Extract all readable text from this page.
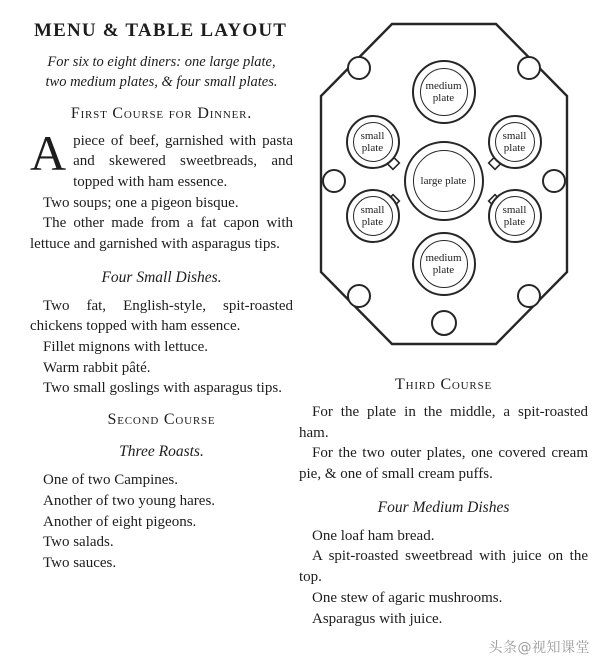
MENU & TABLE LAYOUT

For six to eight diners: one large plate, two medium plates, & four small plates.

First Course for Dinner.

Apiece of beef, garnished with pasta and skewered sweetbreads, and topped with ham essence.

Two soups; one a pigeon bisque.

The other made from a fat capon with lettuce and garnished with asparagus tips.

Four Small Dishes.

Two fat, English-style, spit-roasted chickens topped with ham essence.

Fillet mignons with lettuce.

Warm rabbit pâté.

Two small goslings with asparagus tips.

Second Course
Three Roasts.

One of two Campines.

Another of two young hares.

Another of eight pigeons.

Two salads.

Two sauces.

medium plate
small plate
small plate
large plate
small plate
small plate
medium plate
Third Course

For the plate in the middle, a spit-roasted ham.

For the two outer plates, one covered cream pie, & one of small cream puffs.

Four Medium Dishes

One loaf ham bread.

A spit-roasted sweetbread with juice on the top.

One stew of agaric mushrooms.

Asparagus with juice.

头条@视知课堂
